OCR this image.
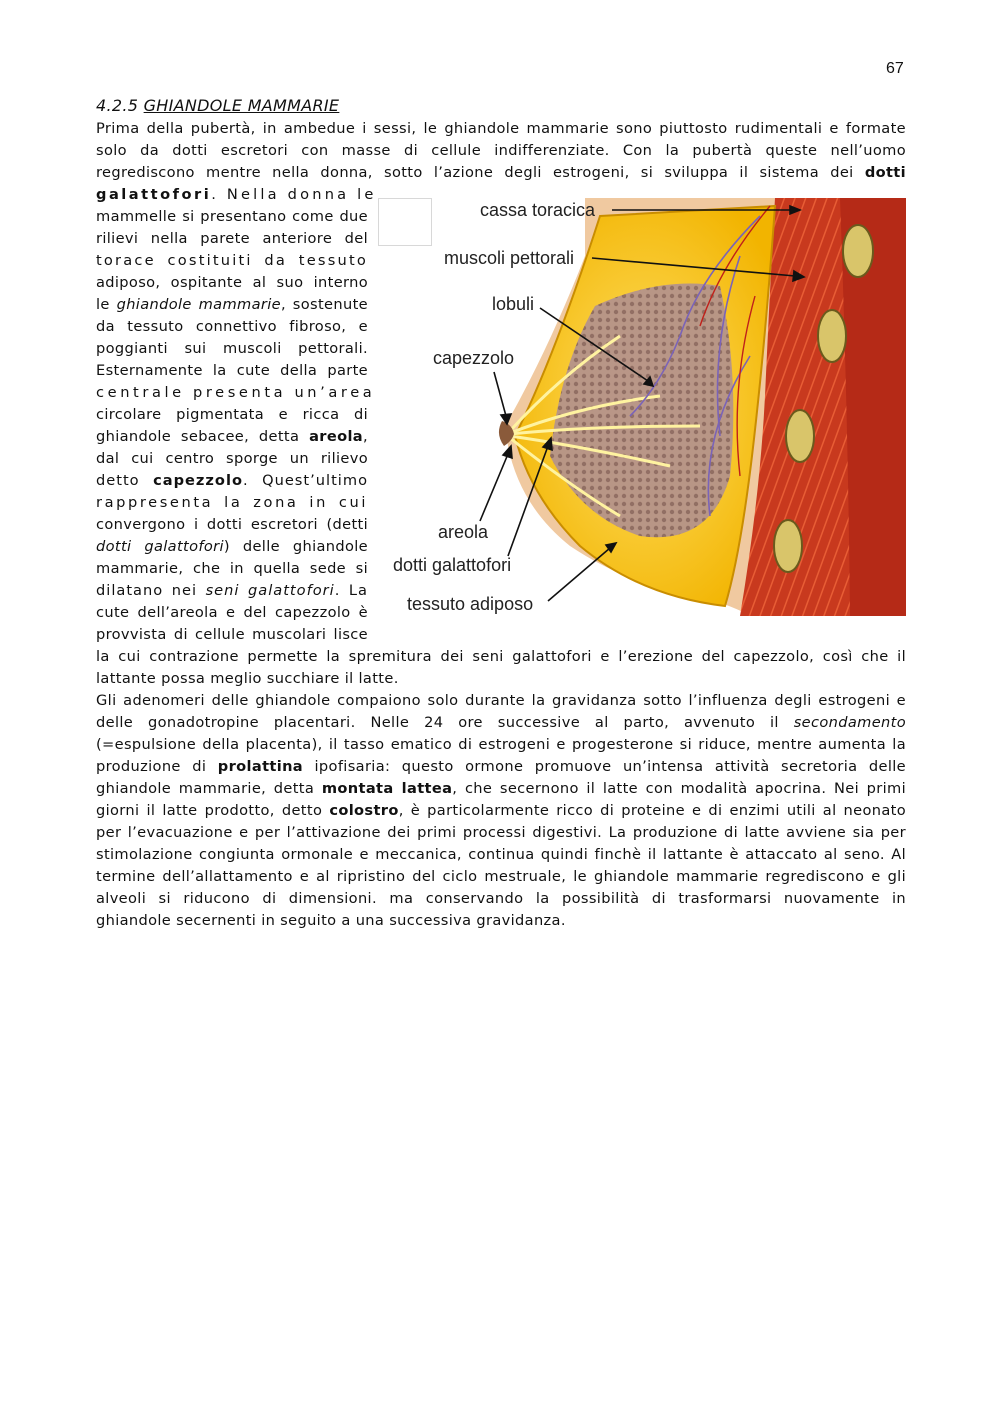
67
4.2.5 GHIANDOLE MAMMARIE
Prima della pubertà, in ambedue i sessi, le ghiandole mammarie sono piuttosto rudimentali e formate
solo da dotti escretori con masse di cellule indifferenziate. Con la pubertà queste nell’uomo
regrediscono mentre nella donna, sotto l’azione degli estrogeni, si sviluppa il sistema dei dotti
galattofori. Nella donna le
mammelle si presentano come due
rilievi nella parete anteriore del
torace costituiti da tessuto
adiposo, ospitante al suo interno
le ghiandole mammarie, sostenute
da tessuto connettivo fibroso, e
poggianti sui muscoli pettorali.
Esternamente la cute della parte
centrale presenta un’area
circolare pigmentata e ricca di
ghiandole sebacee, detta areola,
dal cui centro sporge un rilievo
detto capezzolo. Quest’ultimo
rappresenta la zona in cui
convergono i dotti escretori (detti
dotti galattofori) delle ghiandole
mammarie, che in quella sede si
dilatano nei seni galattofori. La
cute dell’areola e del capezzolo è
provvista di cellule muscolari lisce
la cui contrazione permette la spremitura dei seni galattofori e l’erezione del capezzolo, così che il
lattante possa meglio succhiare il latte.
Gli adenomeri delle ghiandole compaiono solo durante la gravidanza sotto l’influenza degli estrogeni e
delle gonadotropine placentari. Nelle 24 ore successive al parto, avvenuto il secondamento
(=espulsione della placenta), il tasso ematico di estrogeni e progesterone si riduce, mentre aumenta la
produzione di prolattina ipofisaria: questo ormone promuove un’intensa attività secretoria delle
ghiandole mammarie, detta montata lattea, che secernono il latte con modalità apocrina. Nei primi
giorni il latte prodotto, detto colostro, è particolarmente ricco di proteine e di enzimi utili al neonato
per l’evacuazione e per l’attivazione dei primi processi digestivi. La produzione di latte avviene sia per
stimolazione congiunta ormonale e meccanica, continua quindi finchè il lattante è attaccato al seno. Al
termine dell’allattamento e al ripristino del ciclo mestruale, le ghiandole mammarie regrediscono e gli
alveoli si riducono di dimensioni. ma conservando la possibilità di trasformarsi nuovamente in
ghiandole secernenti in seguito a una successiva gravidanza.
cassa toracica
muscoli pettorali
lobuli
capezzolo
areola
dotti galattofori
tessuto adiposo
